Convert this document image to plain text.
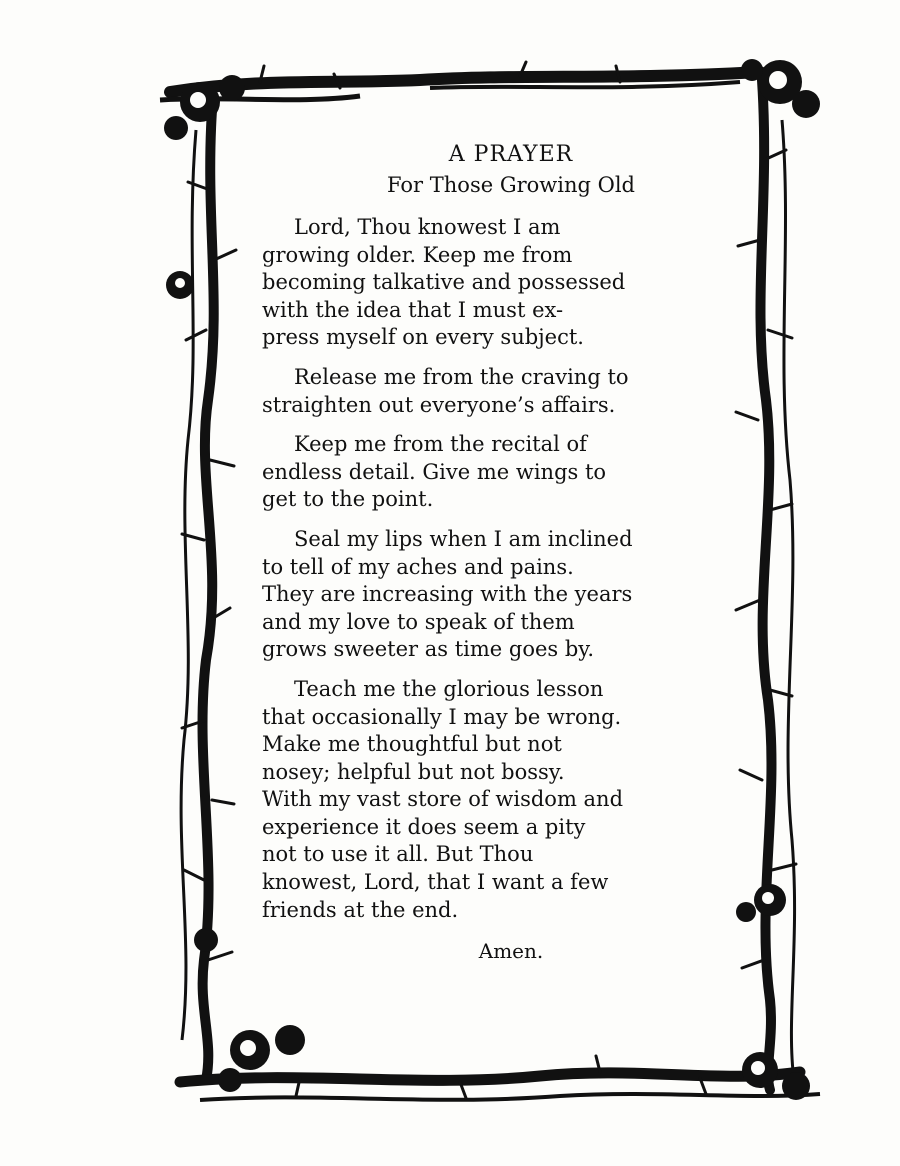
A PRAYER
For Those Growing Old
Lord, Thou knowest I am
growing older. Keep me from
becoming talkative and possessed
with the idea that I must ex-
press myself on every subject.
Release me from the craving to
straighten out everyone’s affairs.
Keep me from the recital of
endless detail. Give me wings to
get to the point.
Seal my lips when I am inclined
to tell of my aches and pains.
They are increasing with the years
and my love to speak of them
grows sweeter as time goes by.
Teach me the glorious lesson
that occasionally I may be wrong.
Make me thoughtful but not
nosey; helpful but not bossy.
With my vast store of wisdom and
experience it does seem a pity
not to use it all. But Thou
knowest, Lord, that I want a few
friends at the end.
Amen.
